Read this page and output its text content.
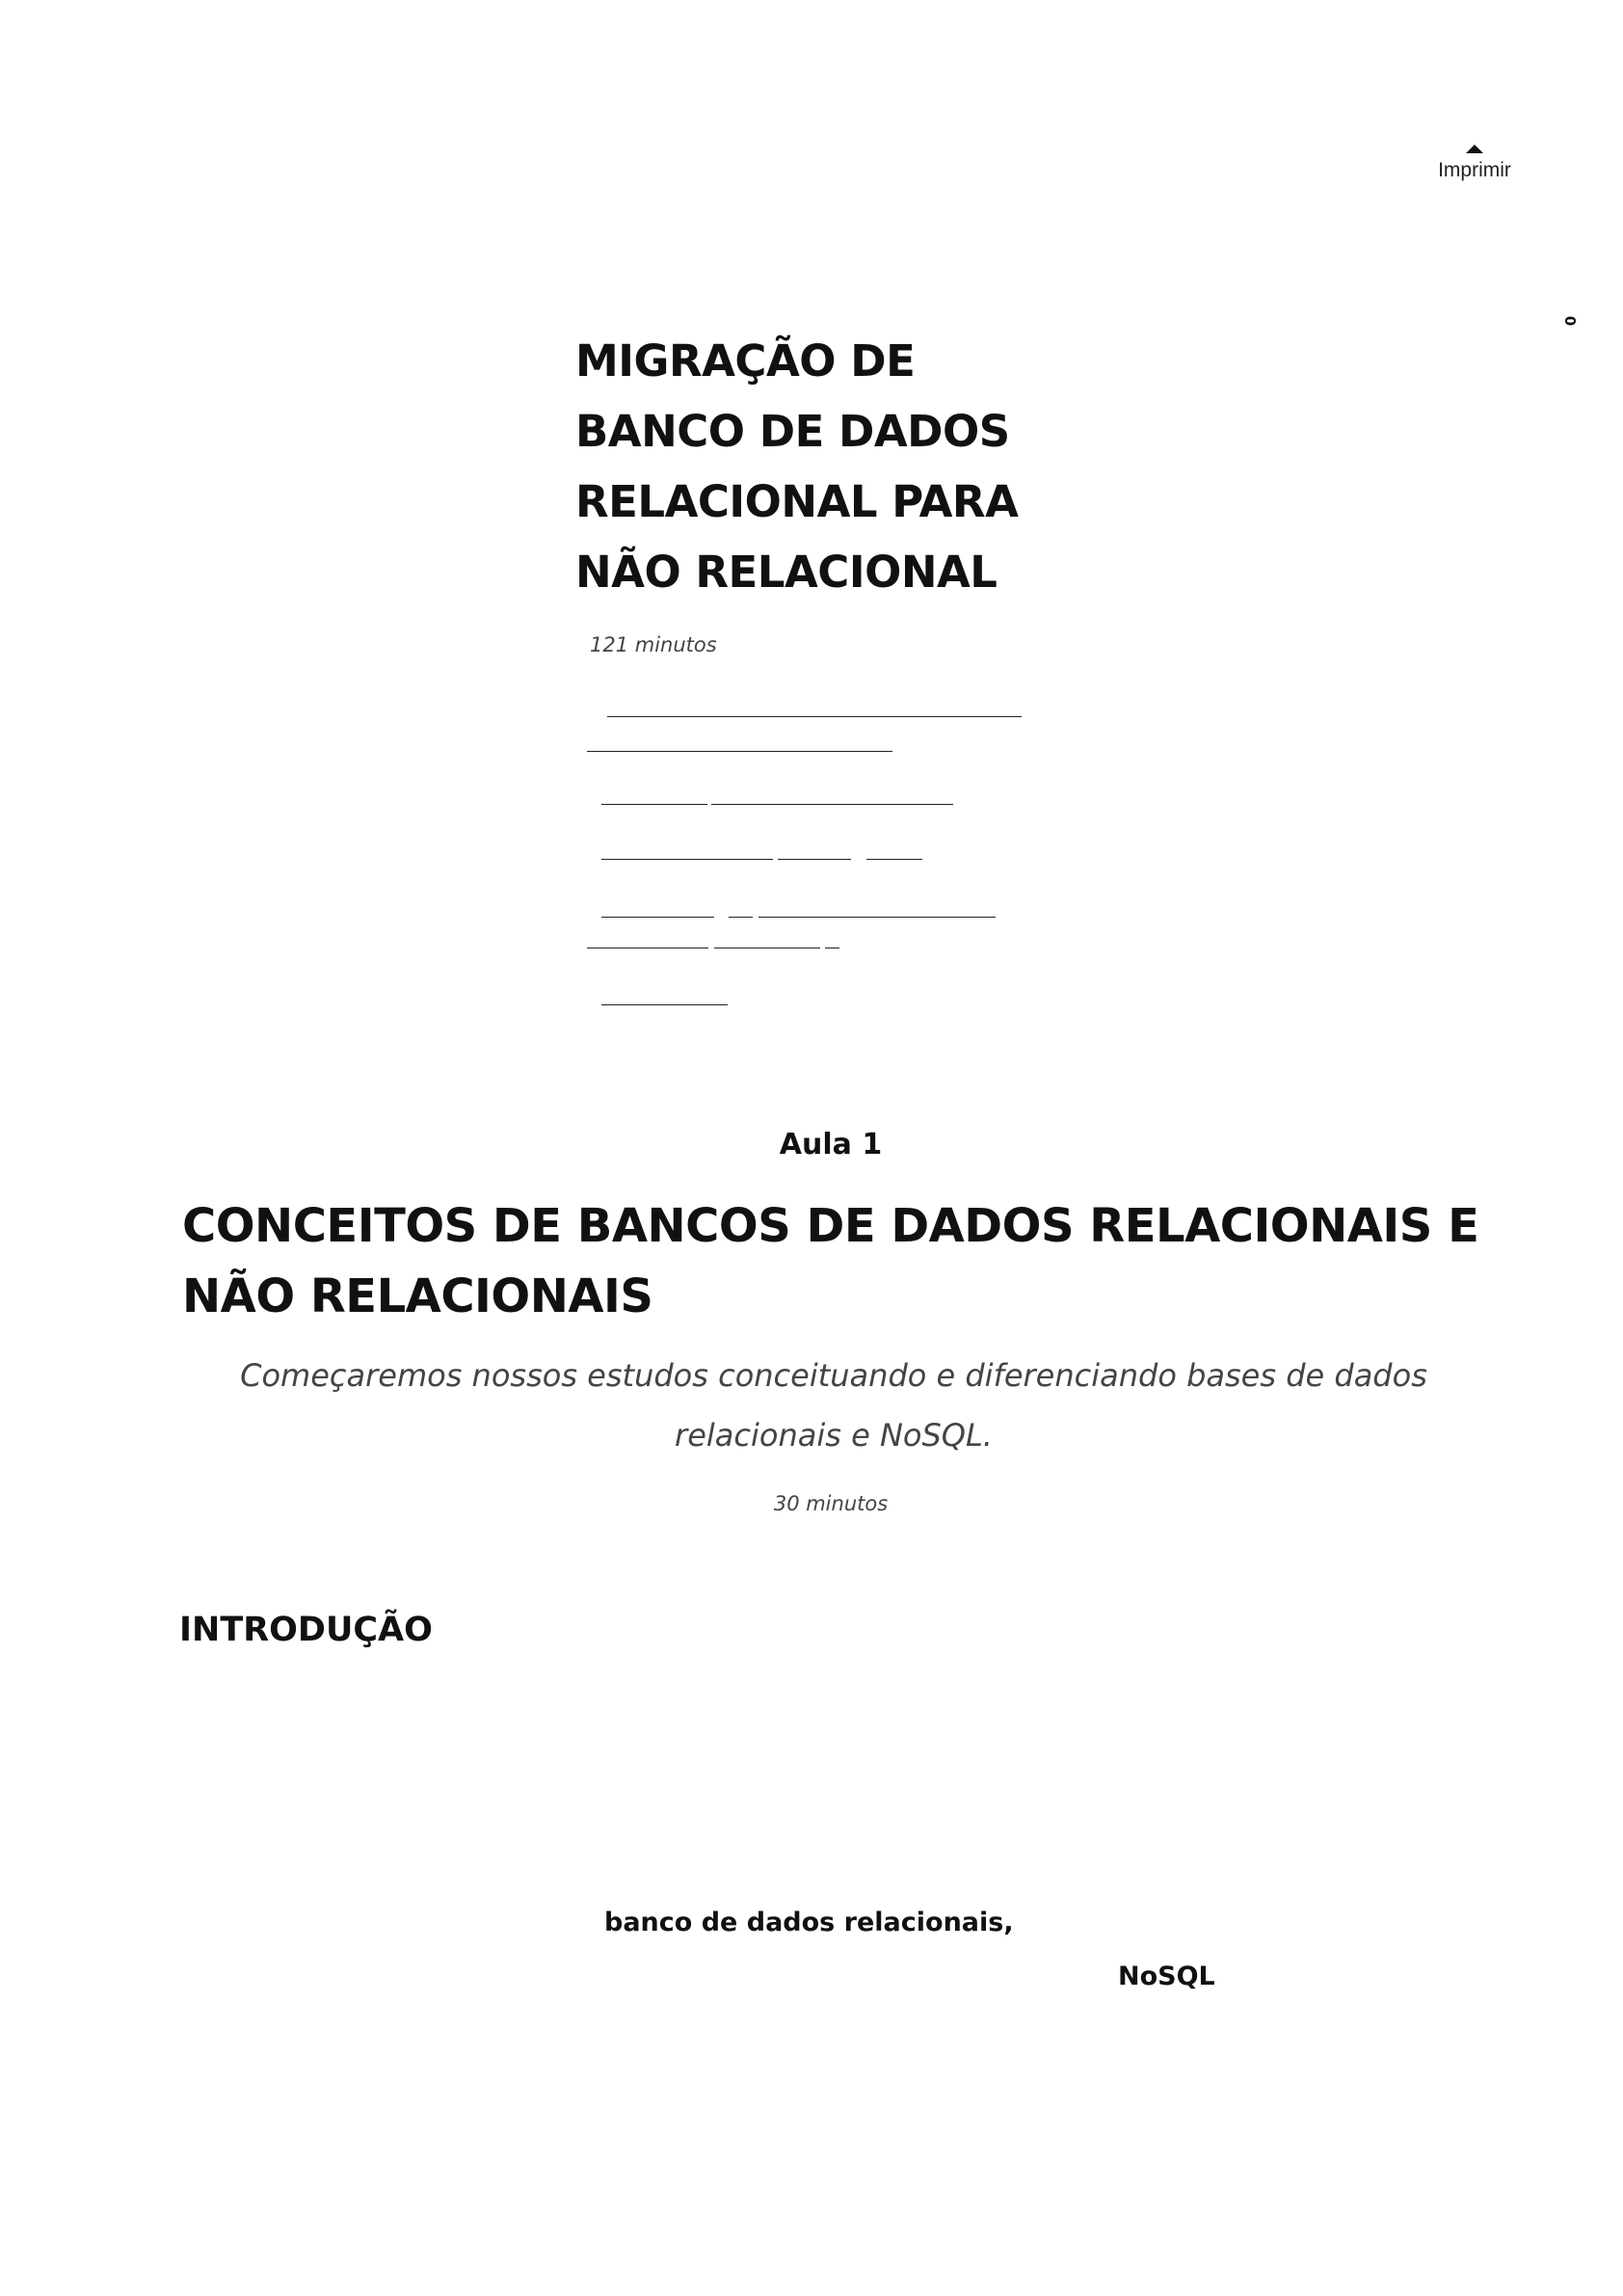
Imprimir
0
MIGRAÇÃO DE BANCO DE DADOS RELACIONAL PARA NÃO RELACIONAL
121 minutos
Aula 1
CONCEITOS DE BANCOS DE DADOS RELACIONAIS E NÃO RELACIONAIS

Começaremos nossos estudos conceituando e diferenciando bases de dados relacionais e NoSQL.

30 minutos
INTRODUÇÃO
banco de dados relacionais,
NoSQL
